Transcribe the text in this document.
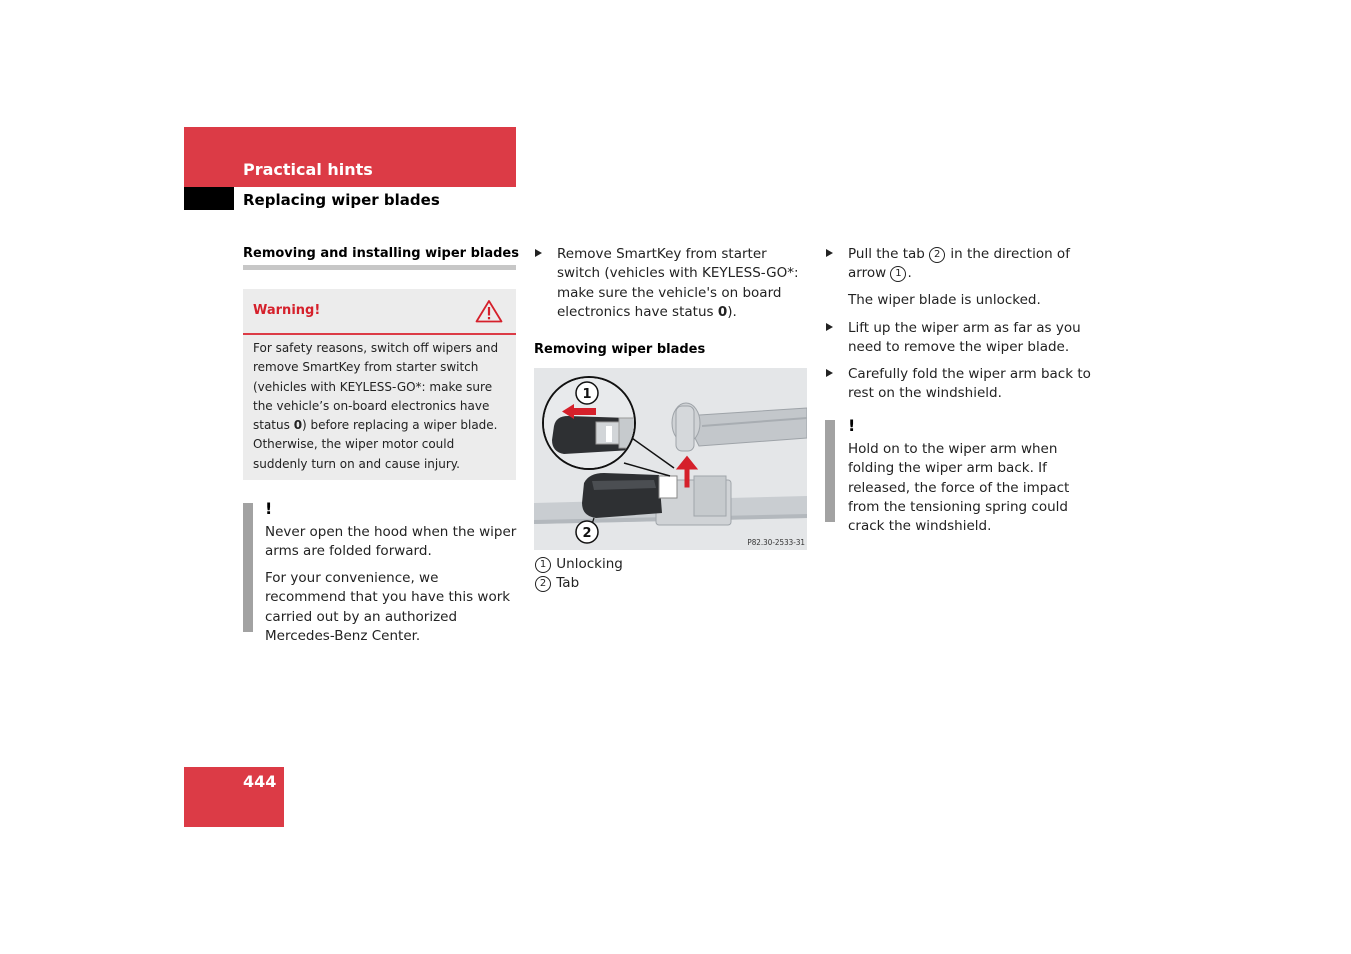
Practical hints
Replacing wiper blades
Removing and installing wiper blades
Warning!
For safety reasons, switch off wipers and remove SmartKey from starter switch (vehicles with KEYLESS-GO*: make sure the vehicle’s on-board electronics have status 0) before replacing a wiper blade. Otherwise, the wiper motor could suddenly turn on and cause injury.
!
Never open the hood when the wiper arms are folded forward.
For your convenience, we recommend that you have this work carried out by an authorized Mercedes-Benz Center.
Remove SmartKey from starter switch (vehicles with KEYLESS-GO*: make sure the vehicle's on board electronics have status 0).
Removing wiper blades
1
2
P82.30-2533-31
1 Unlocking
2 Tab
Pull the tab 2 in the direction of arrow 1 .
The wiper blade is unlocked.
Lift up the wiper arm as far as you need to remove the wiper blade.
Carefully fold the wiper arm back to rest on the windshield.
!
Hold on to the wiper arm when folding the wiper arm back. If released, the force of the impact from the tensioning spring could crack the windshield.
444
